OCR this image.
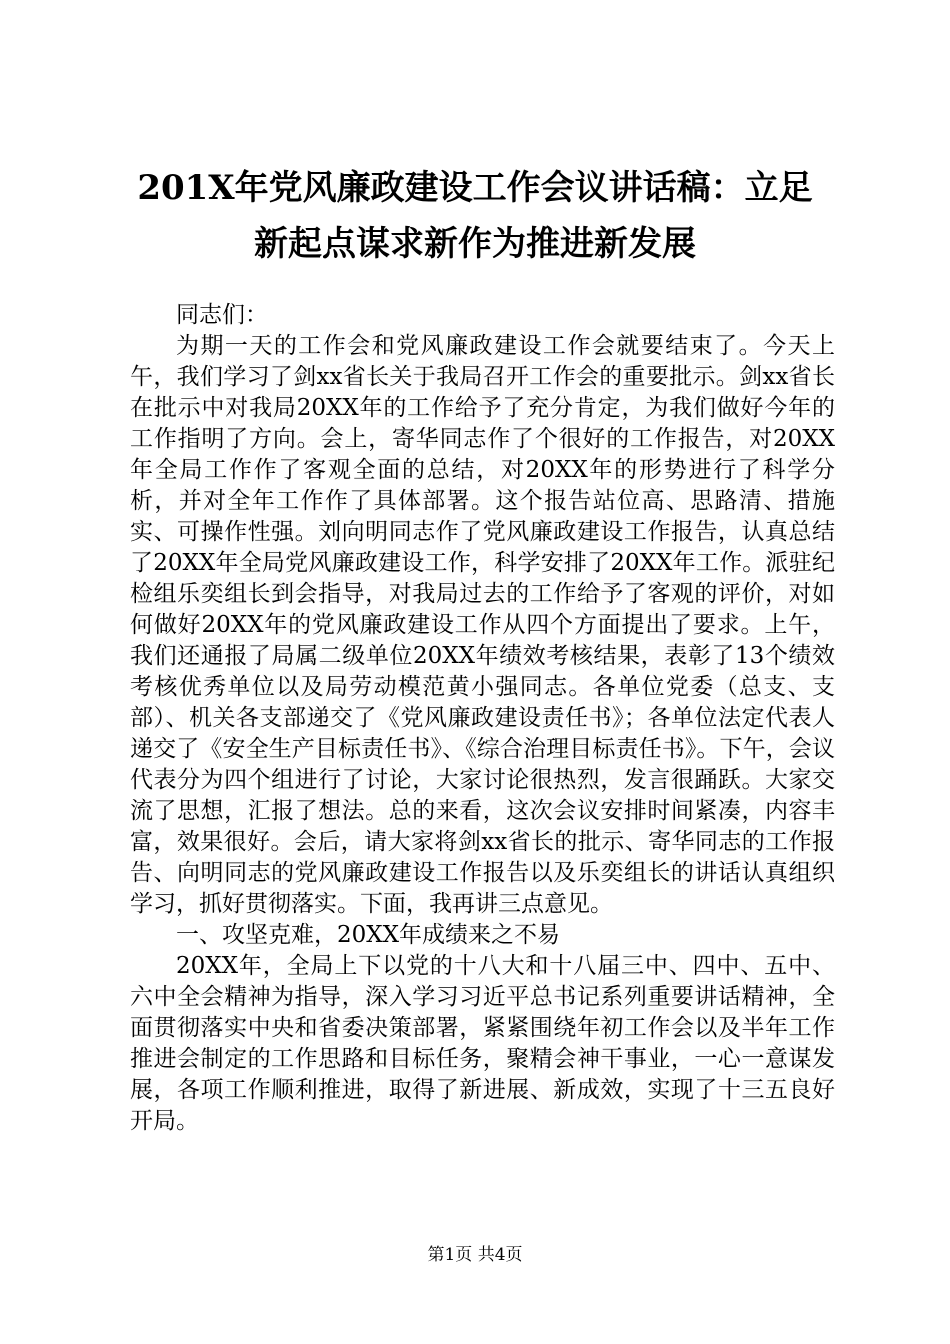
201X年党风廉政建设工作会议讲话稿：立足
新起点谋求新作为推进新发展

同志们：

为期一天的工作会和党风廉政建设工作会就要结束了。今天上午，我们学习了剑xx省长关于我局召开工作会的重要批示。剑xx省长在批示中对我局20XX年的工作给予了充分肯定，为我们做好今年的工作指明了方向。会上，寄华同志作了个很好的工作报告，对20XX年全局工作作了客观全面的总结，对20XX年的形势进行了科学分析，并对全年工作作了具体部署。这个报告站位高、思路清、措施实、可操作性强。刘向明同志作了党风廉政建设工作报告，认真总结了20XX年全局党风廉政建设工作，科学安排了20XX年工作。派驻纪检组乐奕组长到会指导，对我局过去的工作给予了客观的评价，对如何做好20XX年的党风廉政建设工作从四个方面提出了要求。上午，我们还通报了局属二级单位20XX年绩效考核结果，表彰了13个绩效考核优秀单位以及局劳动模范黄小强同志。各单位党委（总支、支部）、机关各支部递交了《党风廉政建设责任书》；各单位法定代表人递交了《安全生产目标责任书》、《综合治理目标责任书》。下午，会议代表分为四个组进行了讨论，大家讨论很热烈，发言很踊跃。大家交流了思想，汇报了想法。总的来看，这次会议安排时间紧凑，内容丰富，效果很好。会后，请大家将剑xx省长的批示、寄华同志的工作报告、向明同志的党风廉政建设工作报告以及乐奕组长的讲话认真组织学习，抓好贯彻落实。下面，我再讲三点意见。

一、攻坚克难，20XX年成绩来之不易

20XX年，全局上下以党的十八大和十八届三中、四中、五中、六中全会精神为指导，深入学习习近平总书记系列重要讲话精神，全面贯彻落实中央和省委决策部署，紧紧围绕年初工作会以及半年工作推进会制定的工作思路和目标任务，聚精会神干事业，一心一意谋发展，各项工作顺利推进，取得了新进展、新成效，实现了十三五良好开局。

第1页 共4页
